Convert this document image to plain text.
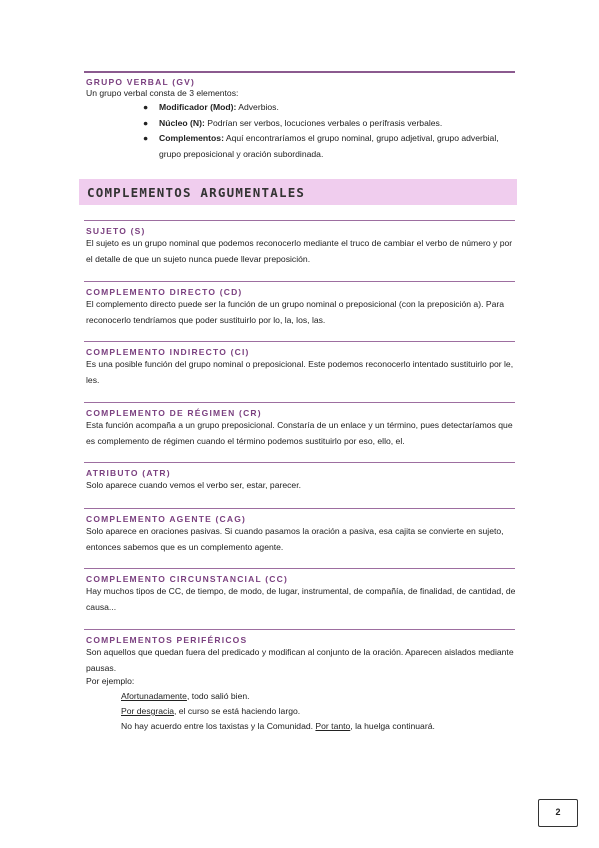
GRUPO VERBAL (GV)
Un grupo verbal consta de 3 elementos:
● Modificador (Mod): Adverbios.
● Núcleo (N): Podrían ser verbos, locuciones verbales o perífrasis verbales.
● Complementos: Aquí encontraríamos el grupo nominal, grupo adjetival, grupo adverbial, grupo preposicional y oración subordinada.
COMPLEMENTOS ARGUMENTALES
SUJETO (S)
El sujeto es un grupo nominal que podemos reconocerlo mediante el truco de cambiar el verbo de número y por el detalle de que un sujeto nunca puede llevar preposición.
COMPLEMENTO DIRECTO (CD)
El complemento directo puede ser la función de un grupo nominal o preposicional (con la preposición a). Para reconocerlo tendríamos que poder sustituirlo por lo, la, los, las.
COMPLEMENTO INDIRECTO (CI)
Es una posible función del grupo nominal o preposicional. Este podemos reconocerlo intentado sustituirlo por le, les.
COMPLEMENTO DE RÉGIMEN (CR)
Esta función acompaña a un grupo preposicional. Constaría de un enlace y un término, pues detectaríamos que es complemento de régimen cuando el término podemos sustituirlo por eso, ello, el.
ATRIBUTO (ATR)
Solo aparece cuando vemos el verbo ser, estar, parecer.
COMPLEMENTO AGENTE (CAG)
Solo aparece en oraciones pasivas. Si cuando pasamos la oración a pasiva, esa cajita se convierte en sujeto, entonces sabemos que es un complemento agente.
COMPLEMENTO CIRCUNSTANCIAL (CC)
Hay muchos tipos de CC, de tiempo, de modo, de lugar, instrumental, de compañía, de finalidad, de cantidad, de causa...
COMPLEMENTOS PERIFÉRICOS
Son aquellos que quedan fuera del predicado y modifican al conjunto de la oración. Aparecen aislados mediante pausas.
Por ejemplo:
Afortunadamente, todo salió bien.
Por desgracia, el curso se está haciendo largo.
No hay acuerdo entre los taxistas y la Comunidad. Por tanto, la huelga continuará.
2
